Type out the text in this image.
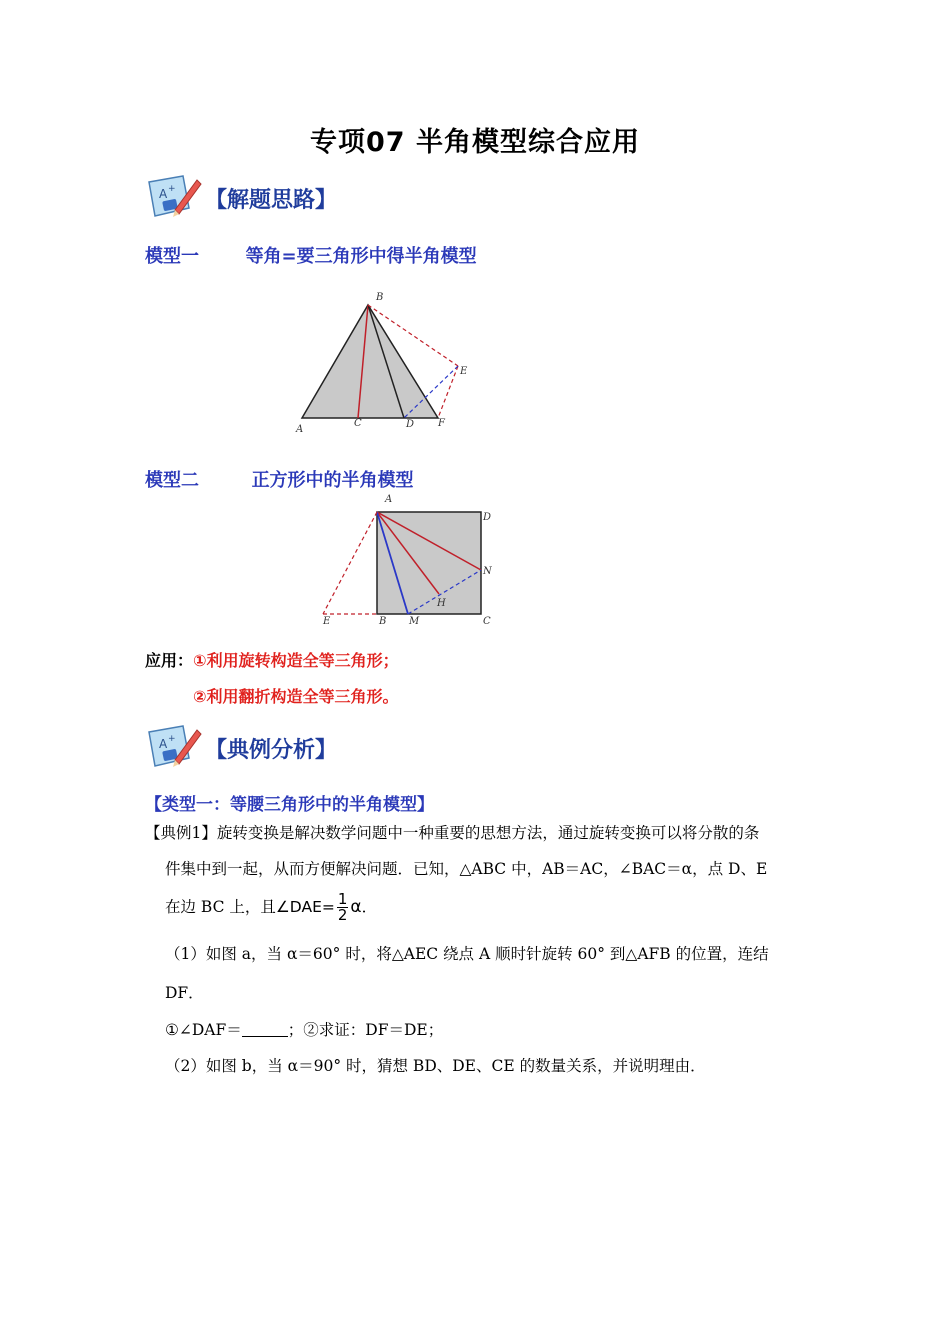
专项07 半角模型综合应用
A + 【解题思路】
模型一	等角=要三角形中得半角模型
A
B
C	D
E
F
模型二	正方形中的半角模型
A
D
N
H
E	B M	C
应用：①利用旋转构造全等三角形；
②利用翻折构造全等三角形。
A + 【典例分析】
【类型一：等腰三角形中的半角模型】
【典例1】旋转变换是解决数学问题中一种重要的思想方法，通过旋转变换可以将分散的条
件集中到一起，从而方便解决问题．已知，△ABC 中，AB＝AC，∠BAC＝α，点 D、E
在边 BC 上，且 ∠DAE= $\frac{1}{2}$ α ．
（1）如图 a，当 α＝60° 时，将△AEC 绕点 A 顺时针旋转 60° 到△AFB 的位置，连结
DF．
①∠DAF＝	；②求证：DF＝DE；
（2）如图 b，当 α＝90° 时，猜想 BD、DE、CE 的数量关系，并说明理由．
